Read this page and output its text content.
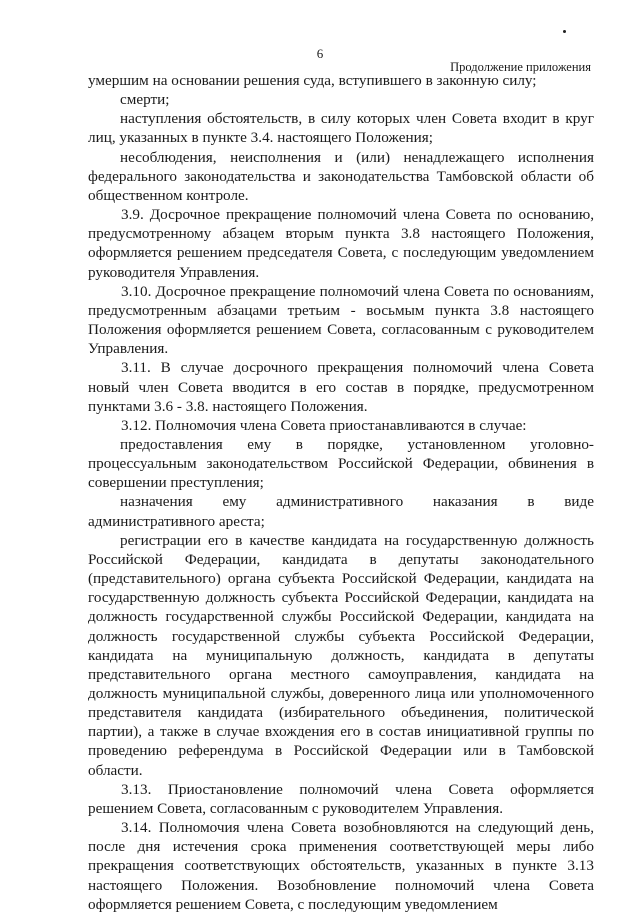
6
Продолжение приложения

умершим на основании решения суда, вступившего в законную силу;

смерти;

наступления обстоятельств, в силу которых член Совета входит в круг лиц, указанных в пункте 3.4. настоящего Положения;

несоблюдения, неисполнения и (или) ненадлежащего исполнения федерального законодательства и законодательства Тамбовской области об общественном контроле.

3.9. Досрочное прекращение полномочий члена Совета по основанию, предусмотренному абзацем вторым пункта 3.8 настоящего Положения, оформляется решением председателя Совета, с последующим уведомлением руководителя Управления.

3.10. Досрочное прекращение полномочий члена Совета по основаниям, предусмотренным абзацами третьим - восьмым пункта 3.8 настоящего Положения оформляется решением Совета, согласованным с руководителем Управления.

3.11. В случае досрочного прекращения полномочий члена Совета новый член Совета вводится в его состав в порядке, предусмотренном пунктами 3.6 - 3.8. настоящего Положения.

3.12. Полномочия члена Совета приостанавливаются в случае:

предоставления ему в порядке, установленном уголовно-процессуальным законодательством Российской Федерации, обвинения в совершении преступления;

назначения ему административного наказания в виде административного ареста;

регистрации его в качестве кандидата на государственную должность Российской Федерации, кандидата в депутаты законодательного (представительного) органа субъекта Российской Федерации, кандидата на государственную должность субъекта Российской Федерации, кандидата на должность государственной службы Российской Федерации, кандидата на должность государственной службы субъекта Российской Федерации, кандидата на муниципальную должность, кандидата в депутаты представительного органа местного самоуправления, кандидата на должность муниципальной службы, доверенного лица или уполномоченного представителя кандидата (избирательного объединения, политической партии), а также в случае вхождения его в состав инициативной группы по проведению референдума в Российской Федерации или в Тамбовской области.

3.13. Приостановление полномочий члена Совета оформляется решением Совета, согласованным с руководителем Управления.

3.14. Полномочия члена Совета возобновляются на следующий день, после дня истечения срока применения соответствующей меры либо прекращения соответствующих обстоятельств, указанных в пункте 3.13 настоящего Положения. Возобновление полномочий члена Совета оформляется решением Совета, с последующим уведомлением
